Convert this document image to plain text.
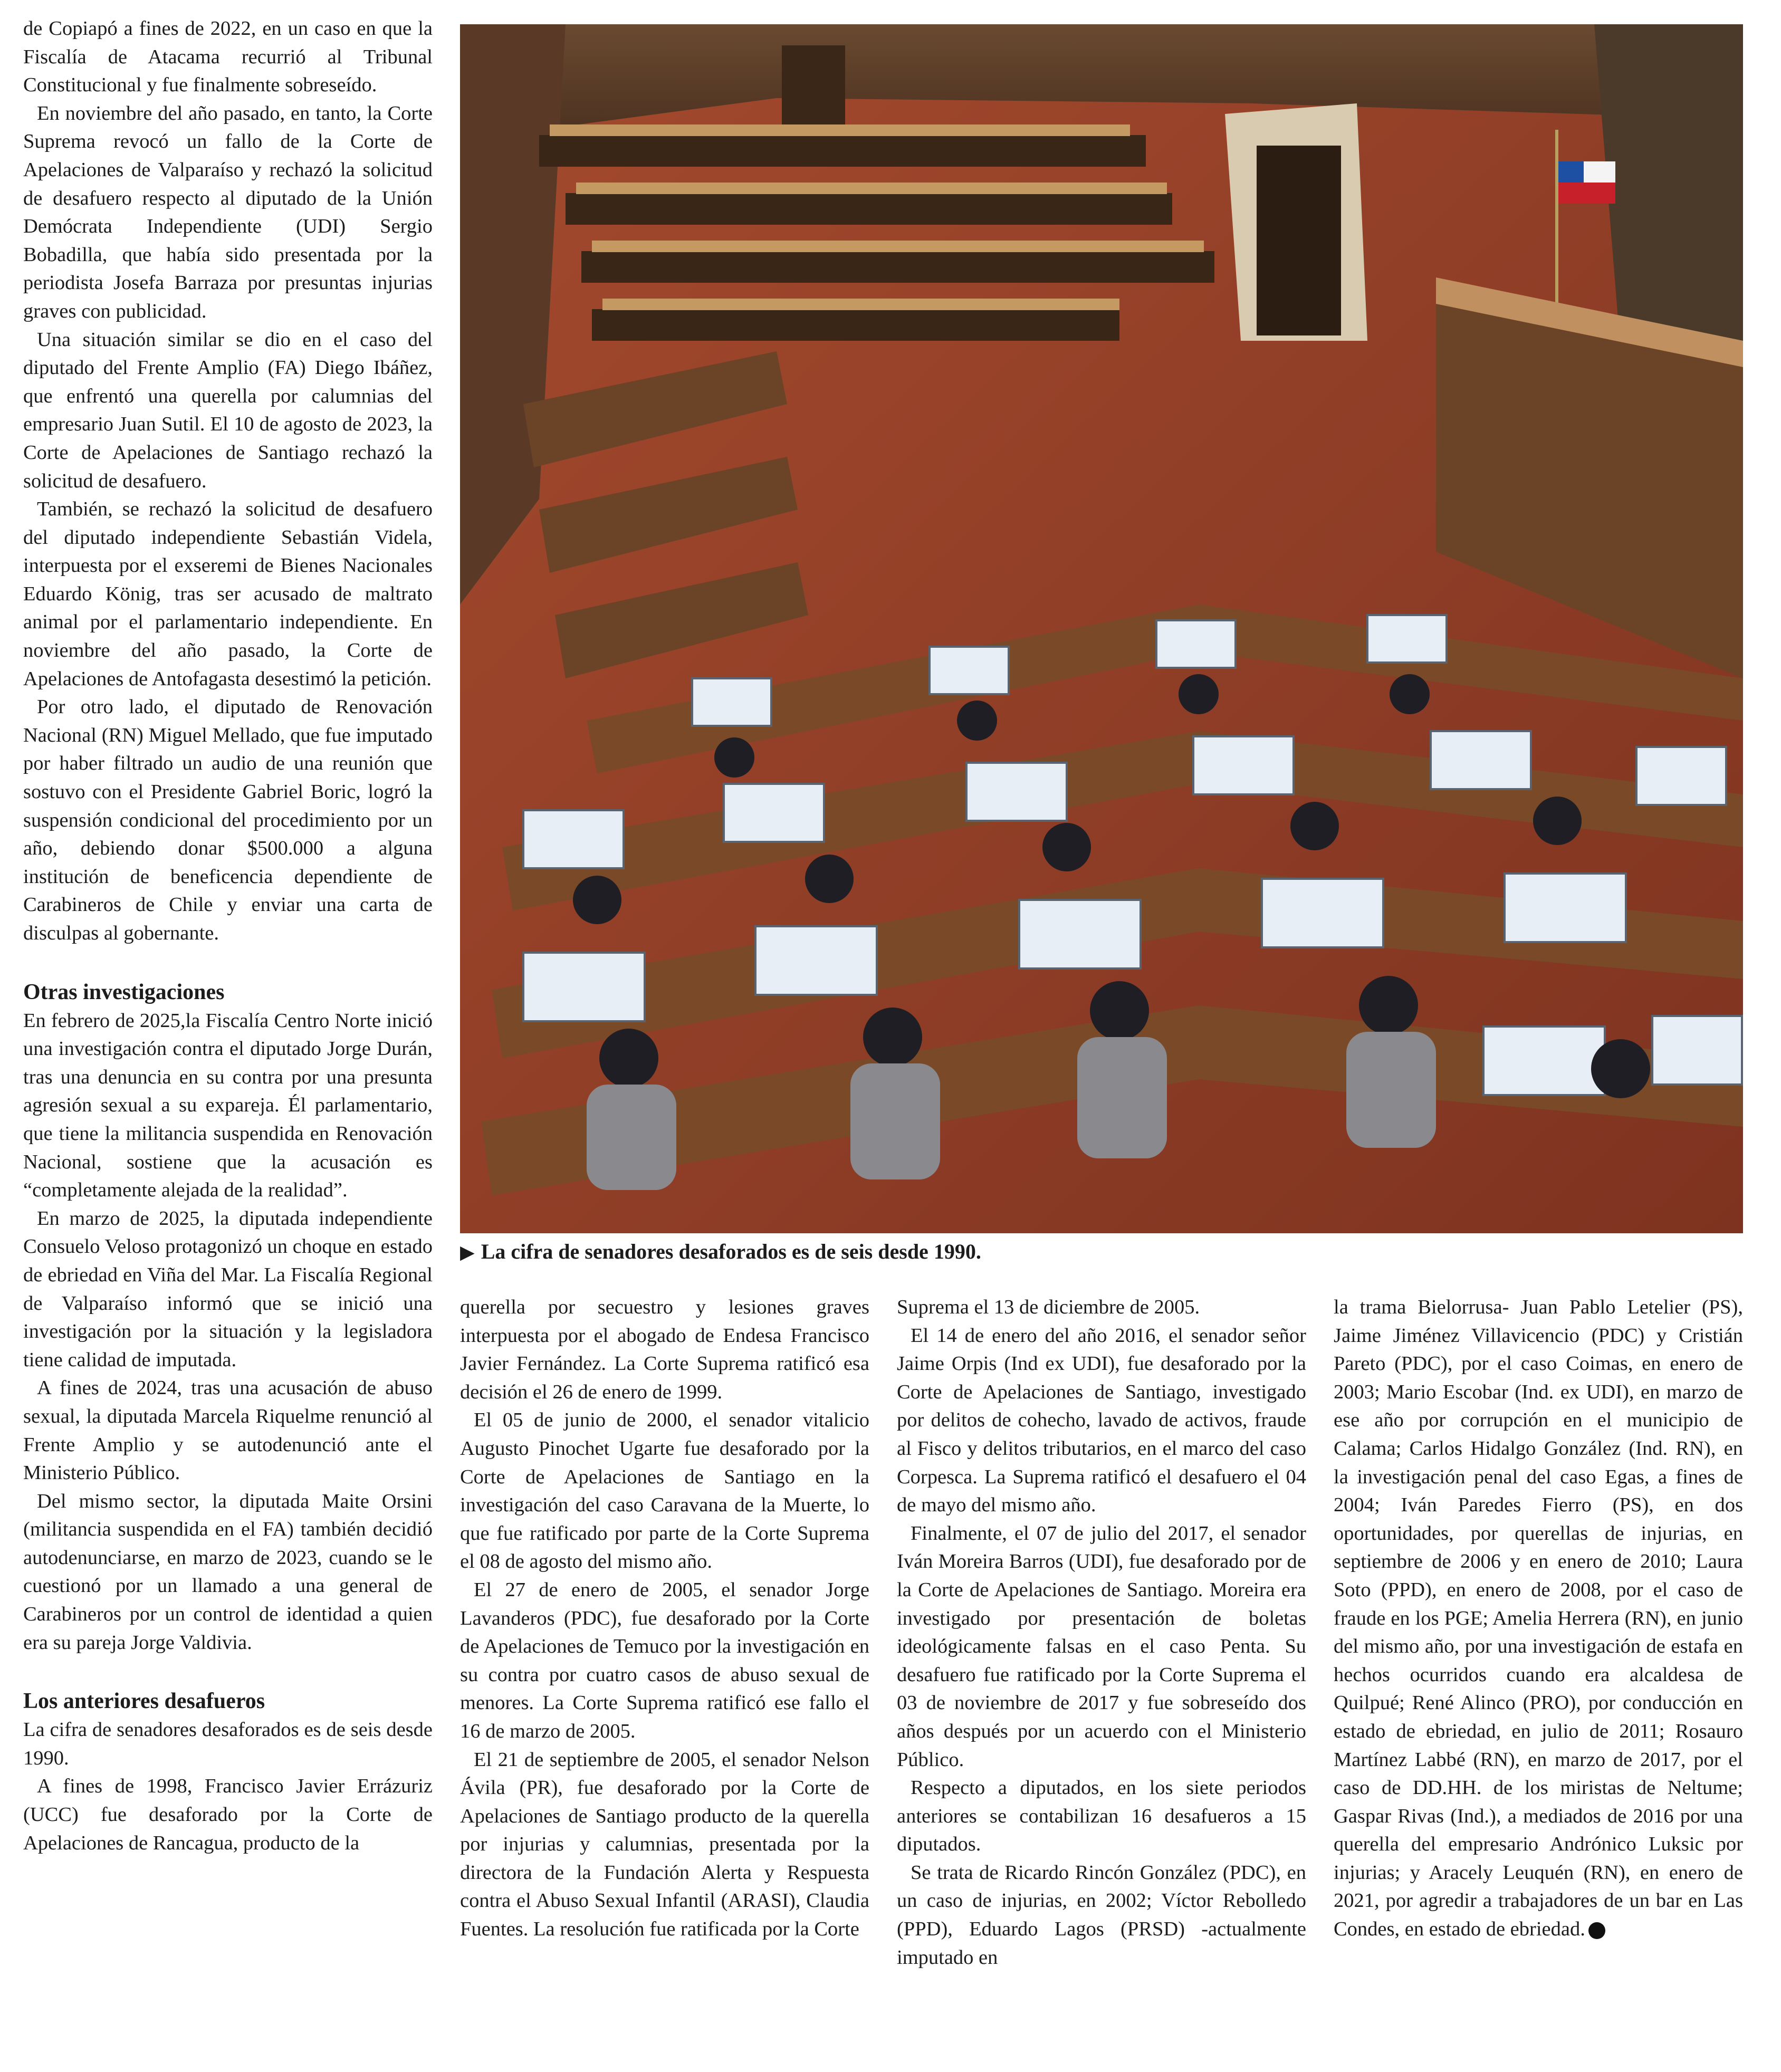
de Copiapó a fines de 2022, en un caso en que la Fiscalía de Atacama recurrió al Tribunal Constitucional y fue finalmente sobreseído.

En noviembre del año pasado, en tanto, la Corte Suprema revocó un fallo de la Corte de Apelaciones de Valparaíso y rechazó la solicitud de desafuero respecto al diputado de la Unión Demócrata Independiente (UDI) Sergio Bobadilla, que había sido presentada por la periodista Josefa Barraza por presuntas injurias graves con publicidad.

Una situación similar se dio en el caso del diputado del Frente Amplio (FA) Diego Ibáñez, que enfrentó una querella por calumnias del empresario Juan Sutil. El 10 de agosto de 2023, la Corte de Apelaciones de Santiago rechazó la solicitud de desafuero.

También, se rechazó la solicitud de desafuero del diputado independiente Sebastián Videla, interpuesta por el exseremi de Bienes Nacionales Eduardo König, tras ser acusado de maltrato animal por el parlamentario independiente. En noviembre del año pasado, la Corte de Apelaciones de Antofagasta desestimó la petición.

Por otro lado, el diputado de Renovación Nacional (RN) Miguel Mellado, que fue imputado por haber filtrado un audio de una reunión que sostuvo con el Presidente Gabriel Boric, logró la suspensión condicional del procedimiento por un año, debiendo donar $500.000 a alguna institución de beneficencia dependiente de Carabineros de Chile y enviar una carta de disculpas al gobernante.

Otras investigaciones

En febrero de 2025,la Fiscalía Centro Norte inició una investigación contra el diputado Jorge Durán, tras una denuncia en su contra por una presunta agresión sexual a su expareja. Él parlamentario, que tiene la militancia suspendida en Renovación Nacional, sostiene que la acusación es “completamente alejada de la realidad”.

En marzo de 2025, la diputada independiente Consuelo Veloso protagonizó un choque en estado de ebriedad en Viña del Mar. La Fiscalía Regional de Valparaíso informó que se inició una investigación por la situación y la legisladora tiene calidad de imputada.

A fines de 2024, tras una acusación de abuso sexual, la diputada Marcela Riquelme renunció al Frente Amplio y se autodenunció ante el Ministerio Público.

Del mismo sector, la diputada Maite Orsini (militancia suspendida en el FA) también decidió autodenunciarse, en marzo de 2023, cuando se le cuestionó por un llamado a una general de Carabineros por un control de identidad a quien era su pareja Jorge Valdivia.

Los anteriores desafueros

La cifra de senadores desaforados es de seis desde 1990.

A fines de 1998, Francisco Javier Errázuriz (UCC) fue desaforado por la Corte de Apelaciones de Rancagua, producto de la

▶ La cifra de senadores desaforados es de seis desde 1990.

querella por secuestro y lesiones graves interpuesta por el abogado de Endesa Francisco Javier Fernández. La Corte Suprema ratificó esa decisión el 26 de enero de 1999.

El 05 de junio de 2000, el senador vitalicio Augusto Pinochet Ugarte fue desaforado por la Corte de Apelaciones de Santiago en la investigación del caso Caravana de la Muerte, lo que fue ratificado por parte de la Corte Suprema el 08 de agosto del mismo año.

El 27 de enero de 2005, el senador Jorge Lavanderos (PDC), fue desaforado por la Corte de Apelaciones de Temuco por la investigación en su contra por cuatro casos de abuso sexual de menores. La Corte Suprema ratificó ese fallo el 16 de marzo de 2005.

El 21 de septiembre de 2005, el senador Nelson Ávila (PR), fue desaforado por la Corte de Apelaciones de Santiago producto de la querella por injurias y calumnias, presentada por la directora de la Fundación Alerta y Respuesta contra el Abuso Sexual Infantil (ARASI), Claudia Fuentes. La resolución fue ratificada por la Corte

Suprema el 13 de diciembre de 2005.

El 14 de enero del año 2016, el senador señor Jaime Orpis (Ind ex UDI), fue desaforado por la Corte de Apelaciones de Santiago, investigado por delitos de cohecho, lavado de activos, fraude al Fisco y delitos tributarios, en el marco del caso Corpesca. La Suprema ratificó el desafuero el 04 de mayo del mismo año.

Finalmente, el 07 de julio del 2017, el senador Iván Moreira Barros (UDI), fue desaforado por de la Corte de Apelaciones de Santiago. Moreira era investigado por presentación de boletas ideológicamente falsas en el caso Penta. Su desafuero fue ratificado por la Corte Suprema el 03 de noviembre de 2017 y fue sobreseído dos años después por un acuerdo con el Ministerio Público.

Respecto a diputados, en los siete periodos anteriores se contabilizan 16 desafueros a 15 diputados.

Se trata de Ricardo Rincón González (PDC), en un caso de injurias, en 2002; Víctor Rebolledo (PPD), Eduardo Lagos (PRSD) -actualmente imputado en

la trama Bielorrusa- Juan Pablo Letelier (PS), Jaime Jiménez Villavicencio (PDC) y Cristián Pareto (PDC), por el caso Coimas, en enero de 2003; Mario Escobar (Ind. ex UDI), en marzo de ese año por corrupción en el municipio de Calama; Carlos Hidalgo González (Ind. RN), en la investigación penal del caso Egas, a fines de 2004; Iván Paredes Fierro (PS), en dos oportunidades, por querellas de injurias, en septiembre de 2006 y en enero de 2010; Laura Soto (PPD), en enero de 2008, por el caso de fraude en los PGE; Amelia Herrera (RN), en junio del mismo año, por una investigación de estafa en hechos ocurridos cuando era alcaldesa de Quilpué; René Alinco (PRO), por conducción en estado de ebriedad, en julio de 2011; Rosauro Martínez Labbé (RN), en marzo de 2017, por el caso de DD.HH. de los miristas de Neltume; Gaspar Rivas (Ind.), a mediados de 2016 por una querella del empresario Andrónico Luksic por injurias; y Aracely Leuquén (RN), en enero de 2021, por agredir a trabajadores de un bar en Las Condes, en estado de ebriedad.
